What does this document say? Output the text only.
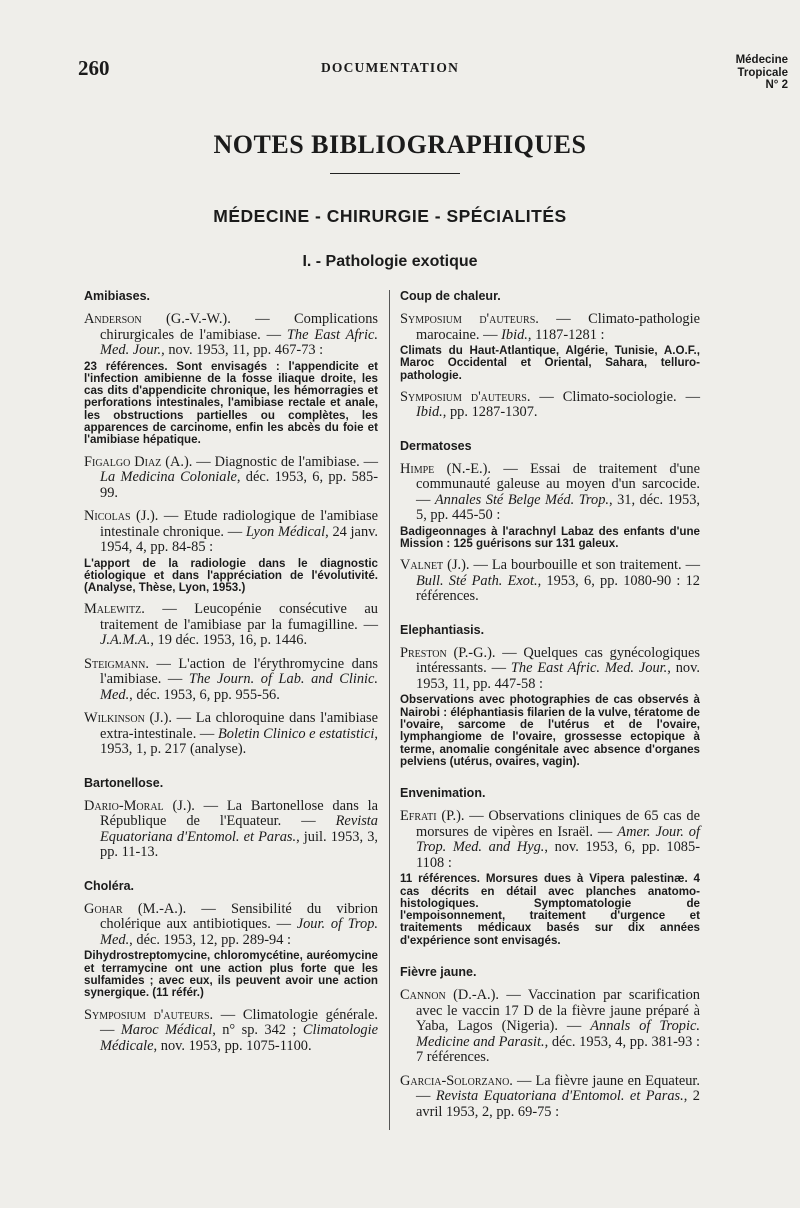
260	DOCUMENTATION	Médecine
Tropicale
N° 2
NOTES BIBLIOGRAPHIQUES
MÉDECINE - CHIRURGIE - SPÉCIALITÉS
I. - Pathologie exotique

Amibiases.

Anderson (G.-V.-W.). — Complications chirurgicales de l'amibiase. — The East Afric. Med. Jour., nov. 1953, 11, pp. 467-73 :

23 références. Sont envisagés : l'appendicite et l'infection amibienne de la fosse iliaque droite, les cas dits d'appendicite chronique, les hémorragies et perforations intestinales, l'amibiase rectale et anale, les obstructions partielles ou complètes, les apparences de carcinome, enfin les abcès du foie et l'amibiase hépatique.

Figalgo Diaz (A.). — Diagnostic de l'amibiase. — La Medicina Coloniale, déc. 1953, 6, pp. 585-99.

Nicolas (J.). — Etude radiologique de l'amibiase intestinale chronique. — Lyon Médical, 24 janv. 1954, 4, pp. 84-85 :

L'apport de la radiologie dans le diagnostic étiologique et dans l'appréciation de l'évolutivité. (Analyse, Thèse, Lyon, 1953.)

Malewitz. — Leucopénie consécutive au traitement de l'amibiase par la fumagilline. — J.A.M.A., 19 déc. 1953, 16, p. 1446.

Steigmann. — L'action de l'érythromycine dans l'amibiase. — The Journ. of Lab. and Clinic. Med., déc. 1953, 6, pp. 955-56.

Wilkinson (J.). — La chloroquine dans l'amibiase extra-intestinale. — Boletin Clinico e estatistici, 1953, 1, p. 217 (analyse).

Bartonellose.

Dario-Moral (J.). — La Bartonellose dans la République de l'Equateur. — Revista Equatoriana d'Entomol. et Paras., juil. 1953, 3, pp. 11-13.

Choléra.

Gohar (M.-A.). — Sensibilité du vibrion cholérique aux antibiotiques. — Jour. of Trop. Med., déc. 1953, 12, pp. 289-94 :

Dihydrostreptomycine, chloromycétine, auréomycine et terramycine ont une action plus forte que les sulfamides ; avec eux, ils peuvent avoir une action synergique. (11 référ.)

Symposium d'auteurs. — Climatologie générale. — Maroc Médical, n° sp. 342 ; Climatologie Médicale, nov. 1953, pp. 1075-1100.

Coup de chaleur.

Symposium d'auteurs. — Climato-pathologie marocaine. — Ibid., 1187-1281 :

Climats du Haut-Atlantique, Algérie, Tunisie, A.O.F., Maroc Occidental et Oriental, Sahara, telluro-pathologie.

Symposium d'auteurs. — Climato-sociologie. — Ibid., pp. 1287-1307.

Dermatoses

Himpe (N.-E.). — Essai de traitement d'une communauté galeuse au moyen d'un sarcocide. — Annales Sté Belge Méd. Trop., 31, déc. 1953, 5, pp. 445-50 :

Badigeonnages à l'arachnyl Labaz des enfants d'une Mission : 125 guérisons sur 131 galeux.

Valnet (J.). — La bourbouille et son traitement. — Bull. Sté Path. Exot., 1953, 6, pp. 1080-90 : 12 références.

Elephantiasis.

Preston (P.-G.). — Quelques cas gynécologiques intéressants. — The East Afric. Med. Jour., nov. 1953, 11, pp. 447-58 :

Observations avec photographies de cas observés à Nairobi : éléphantiasis filarien de la vulve, tératome de l'ovaire, sarcome de l'utérus et de l'ovaire, lymphangiome de l'ovaire, grossesse ectopique à terme, anomalie congénitale avec absence d'organes pelviens (utérus, ovaires, vagin).

Envenimation.

Efrati (P.). — Observations cliniques de 65 cas de morsures de vipères en Israël. — Amer. Jour. of Trop. Med. and Hyg., nov. 1953, 6, pp. 1085-1108 :

11 références. Morsures dues à Vipera palestinæ. 4 cas décrits en détail avec planches anatomo-histologiques. Symptomatologie de l'empoisonnement, traitement d'urgence et traitements médicaux basés sur dix années d'expérience sont envisagés.

Fièvre jaune.

Cannon (D.-A.). — Vaccination par scarification avec le vaccin 17 D de la fièvre jaune préparé à Yaba, Lagos (Nigeria). — Annals of Tropic. Medicine and Parasit., déc. 1953, 4, pp. 381-93 : 7 références.

Garcia-Solorzano. — La fièvre jaune en Equateur. — Revista Equatoriana d'Entomol. et Paras., 2 avril 1953, 2, pp. 69-75 :
